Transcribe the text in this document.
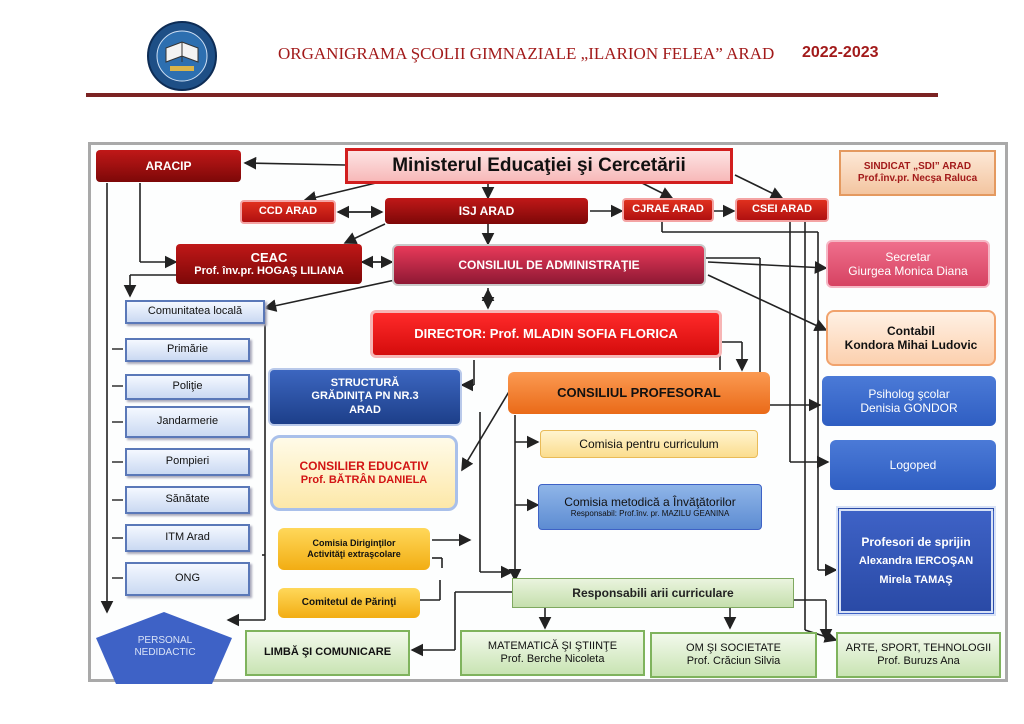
ORGANIGRAMA ŞCOLII GIMNAZIALE „ILARION FELEA” ARAD 2022-2023
Ministerul Educaţiei şi Cercetării
ARACIP
CCD ARAD	ISJ ARAD	CJRAE ARAD	CSEI ARAD
SINDICAT „SDI” ARAD
Prof.înv.pr. Necşa Raluca
CEAC
Prof. înv.pr. HOGAŞ LILIANA	CONSILIUL DE ADMINISTRAŢIE
DIRECTOR: Prof. MLADIN SOFIA FLORICA
Comunitatea locală
Primărie
Poliţie
Jandarmerie
Pompieri
Sănătate
ITM Arad
ONG
STRUCTURĂ
GRĂDINIŢA PN NR.3
ARAD
CONSILIUL PROFESORAL
CONSILIER EDUCATIV
Prof. BĂTRÂN DANIELA
Comisia pentru curriculum
Comisia metodică a Învăţătorilor
Responsabil: Prof.înv. pr. MAZILU GEANINA
Comisia Diriginţilor
Activităţi extraşcolare
Comitetul de Părinţi
PERSONAL
NEDIDACTIC
Responsabili arii curriculare
LIMBĂ ŞI COMUNICARE
MATEMATICĂ ŞI ŞTIINŢE
Prof. Berche Nicoleta
OM ŞI SOCIETATE
Prof. Crăciun Silvia
ARTE, SPORT, TEHNOLOGII
Prof. Buruzs Ana
Secretar
Giurgea Monica Diana
Contabil
Kondora Mihai Ludovic
Psiholog şcolar
Denisia GONDOR
Logoped
Profesori de sprijin
Alexandra IERCOŞAN
Mirela TAMAŞ
